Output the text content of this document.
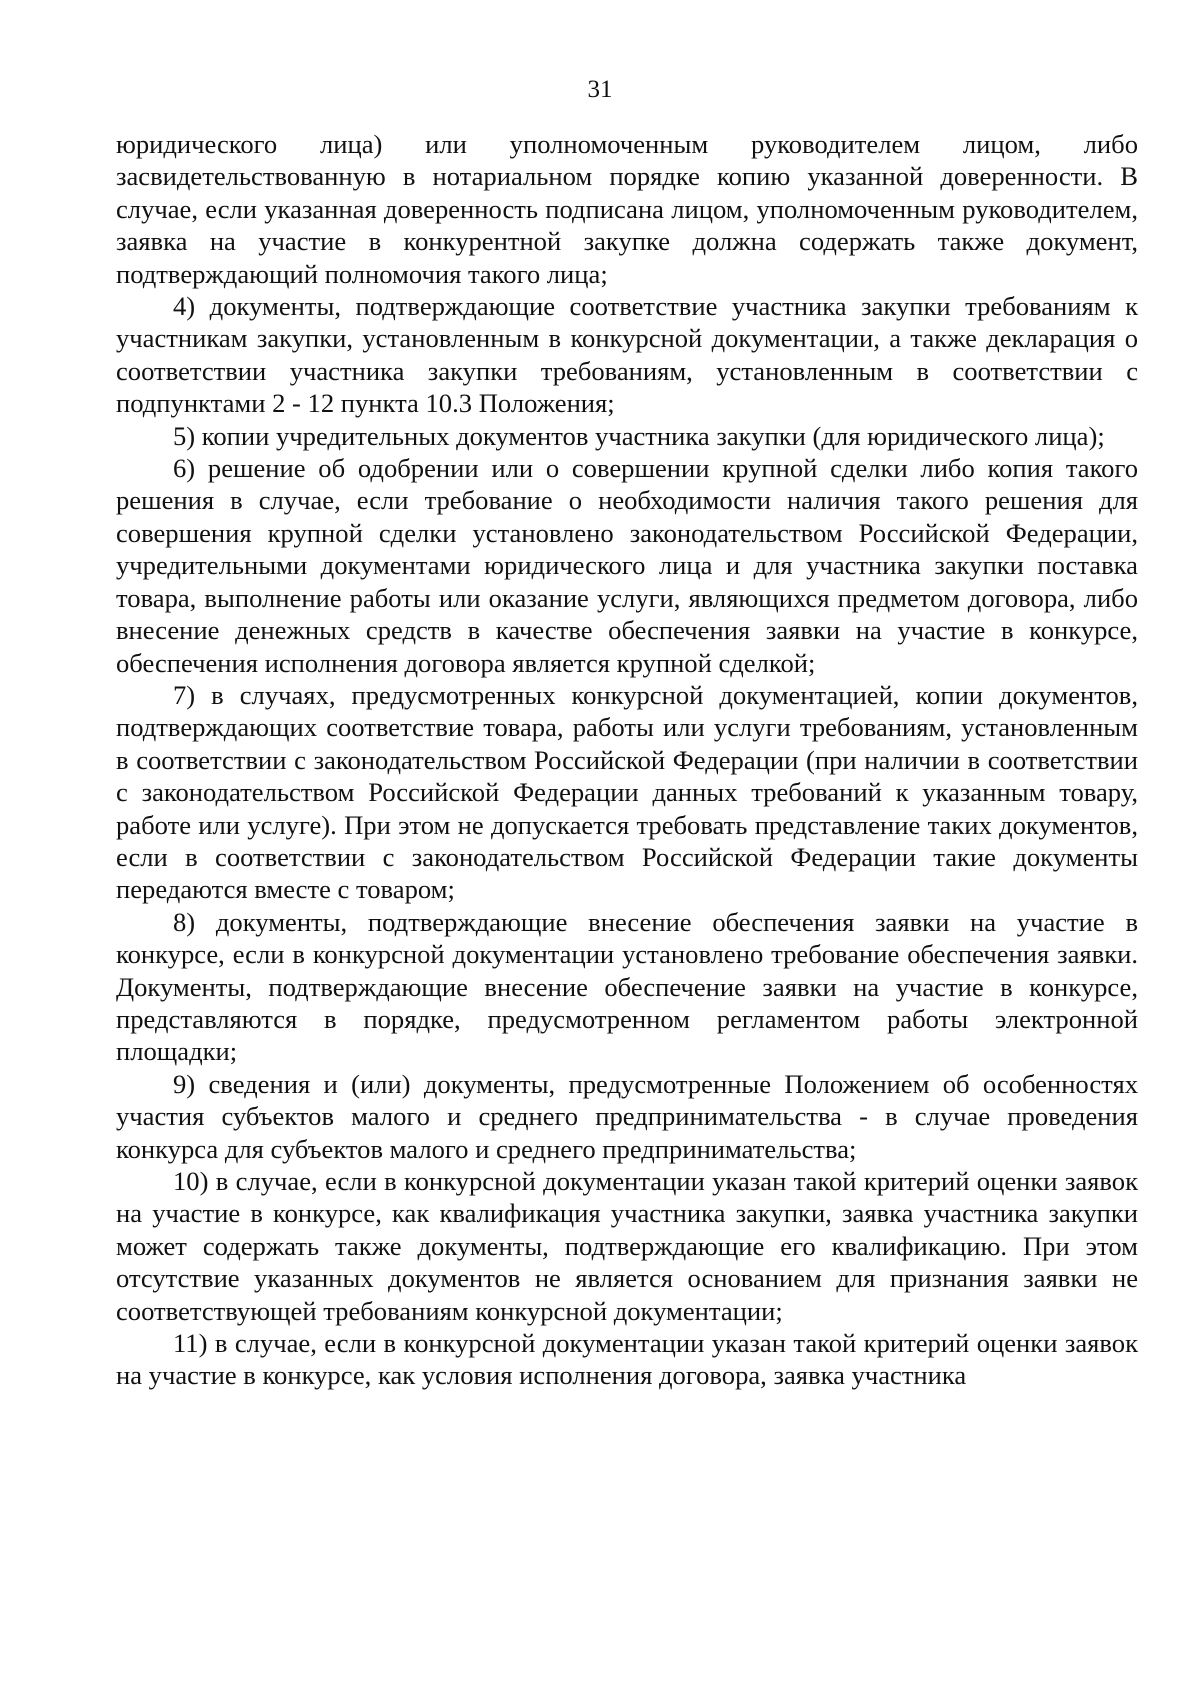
31

юридического лица) или уполномоченным руководителем лицом, либо засвидетельствованную в нотариальном порядке копию указанной доверенности. В случае, если указанная доверенность подписана лицом, уполномоченным руководителем, заявка на участие в конкурентной закупке должна содержать также документ, подтверждающий полномочия такого лица;

4) документы, подтверждающие соответствие участника закупки требованиям к участникам закупки, установленным в конкурсной документации, а также декларация о соответствии участника закупки требованиям, установленным в соответствии с подпунктами 2 - 12 пункта 10.3 Положения;

5) копии учредительных документов участника закупки (для юридического лица);

6) решение об одобрении или о совершении крупной сделки либо копия такого решения в случае, если требование о необходимости наличия такого решения для совершения крупной сделки установлено законодательством Российской Федерации, учредительными документами юридического лица и для участника закупки поставка товара, выполнение работы или оказание услуги, являющихся предметом договора, либо внесение денежных средств в качестве обеспечения заявки на участие в конкурсе, обеспечения исполнения договора является крупной сделкой;

7) в случаях, предусмотренных конкурсной документацией, копии документов, подтверждающих соответствие товара, работы или услуги требованиям, установленным в соответствии с законодательством Российской Федерации (при наличии в соответствии с законодательством Российской Федерации данных требований к указанным товару, работе или услуге). При этом не допускается требовать представление таких документов, если в соответствии с законодательством Российской Федерации такие документы передаются вместе с товаром;

8) документы, подтверждающие внесение обеспечения заявки на участие в конкурсе, если в конкурсной документации установлено требование обеспечения заявки. Документы, подтверждающие внесение обеспечение заявки на участие в конкурсе, представляются в порядке, предусмотренном регламентом работы электронной площадки;

9) сведения и (или) документы, предусмотренные Положением об особенностях участия субъектов малого и среднего предпринимательства - в случае проведения конкурса для субъектов малого и среднего предпринимательства;

10) в случае, если в конкурсной документации указан такой критерий оценки заявок на участие в конкурсе, как квалификация участника закупки, заявка участника закупки может содержать также документы, подтверждающие его квалификацию. При этом отсутствие указанных документов не является основанием для признания заявки не соответствующей требованиям конкурсной документации;

11) в случае, если в конкурсной документации указан такой критерий оценки заявок на участие в конкурсе, как условия исполнения договора, заявка участника
